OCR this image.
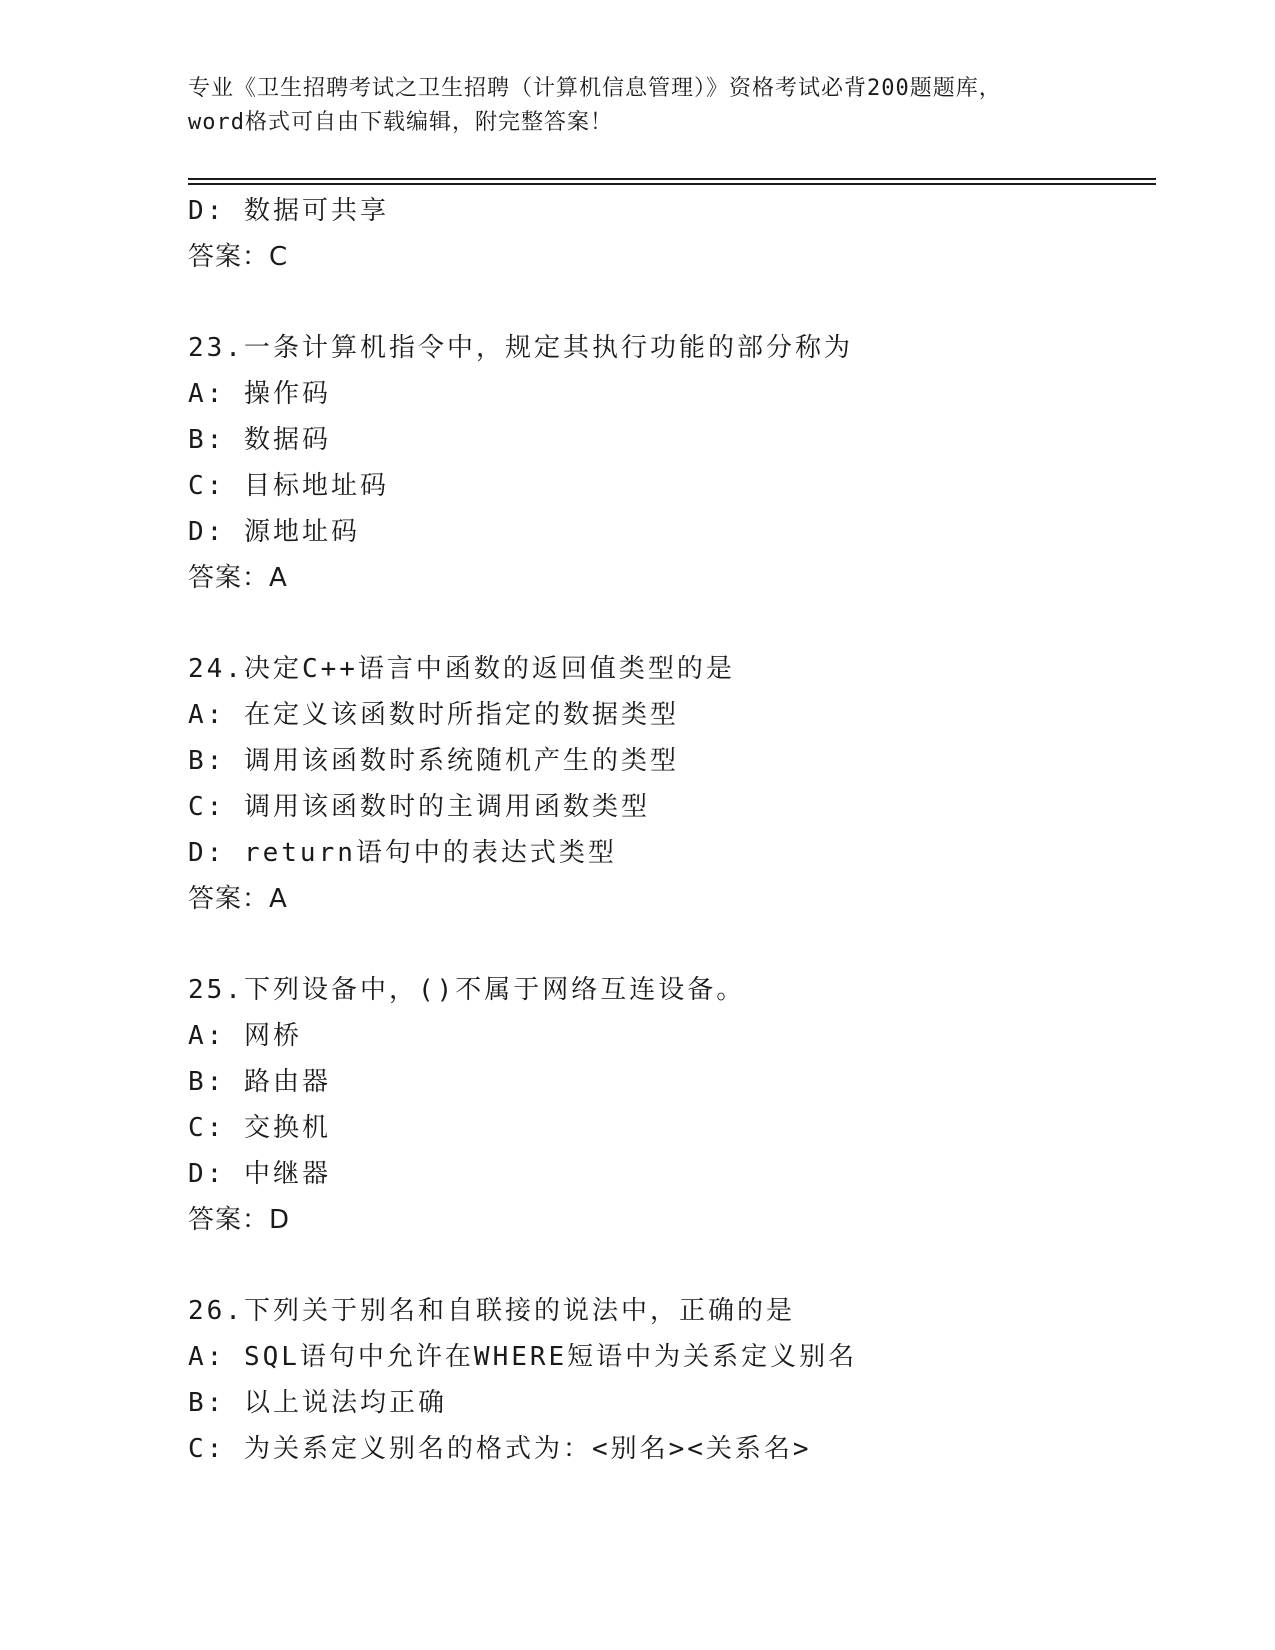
专业《卫生招聘考试之卫生招聘（计算机信息管理）》资格考试必背200题题库，
word格式可自由下载编辑，附完整答案！
D: 数据可共享
答案：C
23.一条计算机指令中，规定其执行功能的部分称为
A: 操作码
B: 数据码
C: 目标地址码
D: 源地址码
答案：A
24.决定C++语言中函数的返回值类型的是
A: 在定义该函数时所指定的数据类型
B: 调用该函数时系统随机产生的类型
C: 调用该函数时的主调用函数类型
D: return语句中的表达式类型
答案：A
25.下列设备中，()不属于网络互连设备。
A: 网桥
B: 路由器
C: 交换机
D: 中继器
答案：D
26.下列关于别名和自联接的说法中，正确的是
A: SQL语句中允许在WHERE短语中为关系定义别名
B: 以上说法均正确
C: 为关系定义别名的格式为：<别名><关系名>
